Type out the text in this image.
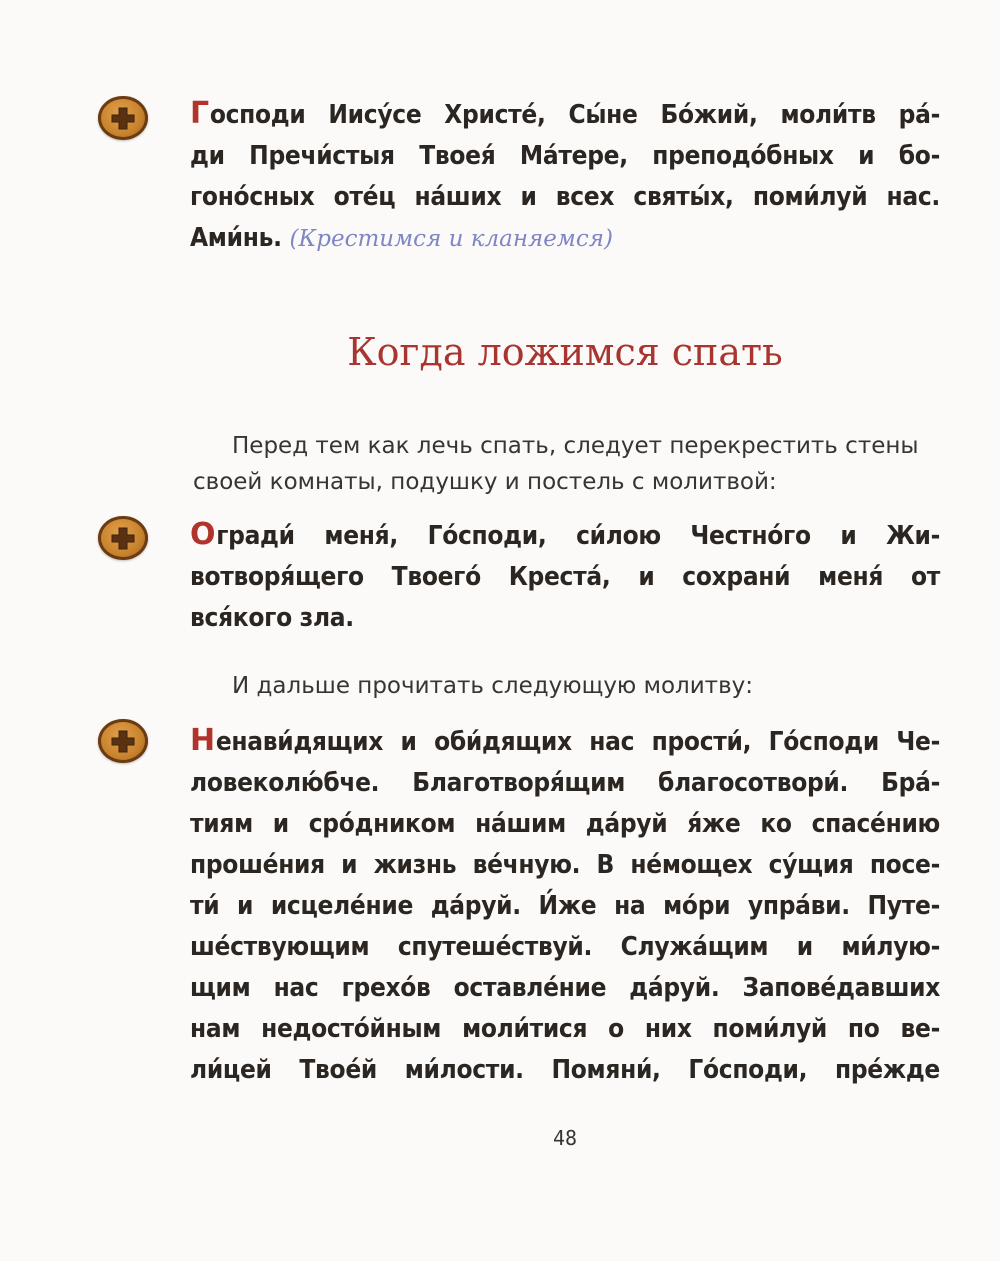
Господи Иису́се Христе́, Сы́не Бо́жий, моли́тв ра́-
ди Пречи́стыя Твоея́ Ма́тере, преподо́бных и бо-
гоно́сных оте́ц на́ших и всех святы́х, поми́луй нас.
Ами́нь. (Крестимся и кланяемся)
Когда ложимся спать
Перед тем как лечь спать, следует перекрестить стены
своей комнаты, подушку и постель с молитвой:
Огради́ меня́, Го́споди, си́лою Честно́го и Жи-
вотворя́щего Твоего́ Креста́, и сохрани́ меня́ от
вся́кого зла.
И дальше прочитать следующую молитву:
Ненави́дящих и оби́дящих нас прости́, Го́споди Че-
ловеколю́бче. Благотворя́щим благосотвори́. Бра́-
тиям и сро́дником на́шим да́руй я́же ко спасе́нию
проше́ния и жизнь ве́чную. В не́мощех су́щия посе-
ти́ и исцеле́ние да́руй. И́же на мо́ри упра́ви. Путе-
ше́ствующим спутеше́ствуй. Служа́щим и ми́лую-
щим нас грехо́в оставле́ние да́руй. Запове́давших
нам недосто́йным моли́тися о них поми́луй по ве-
ли́цей Твое́й ми́лости. Помяни́, Го́споди, пре́жде
48
